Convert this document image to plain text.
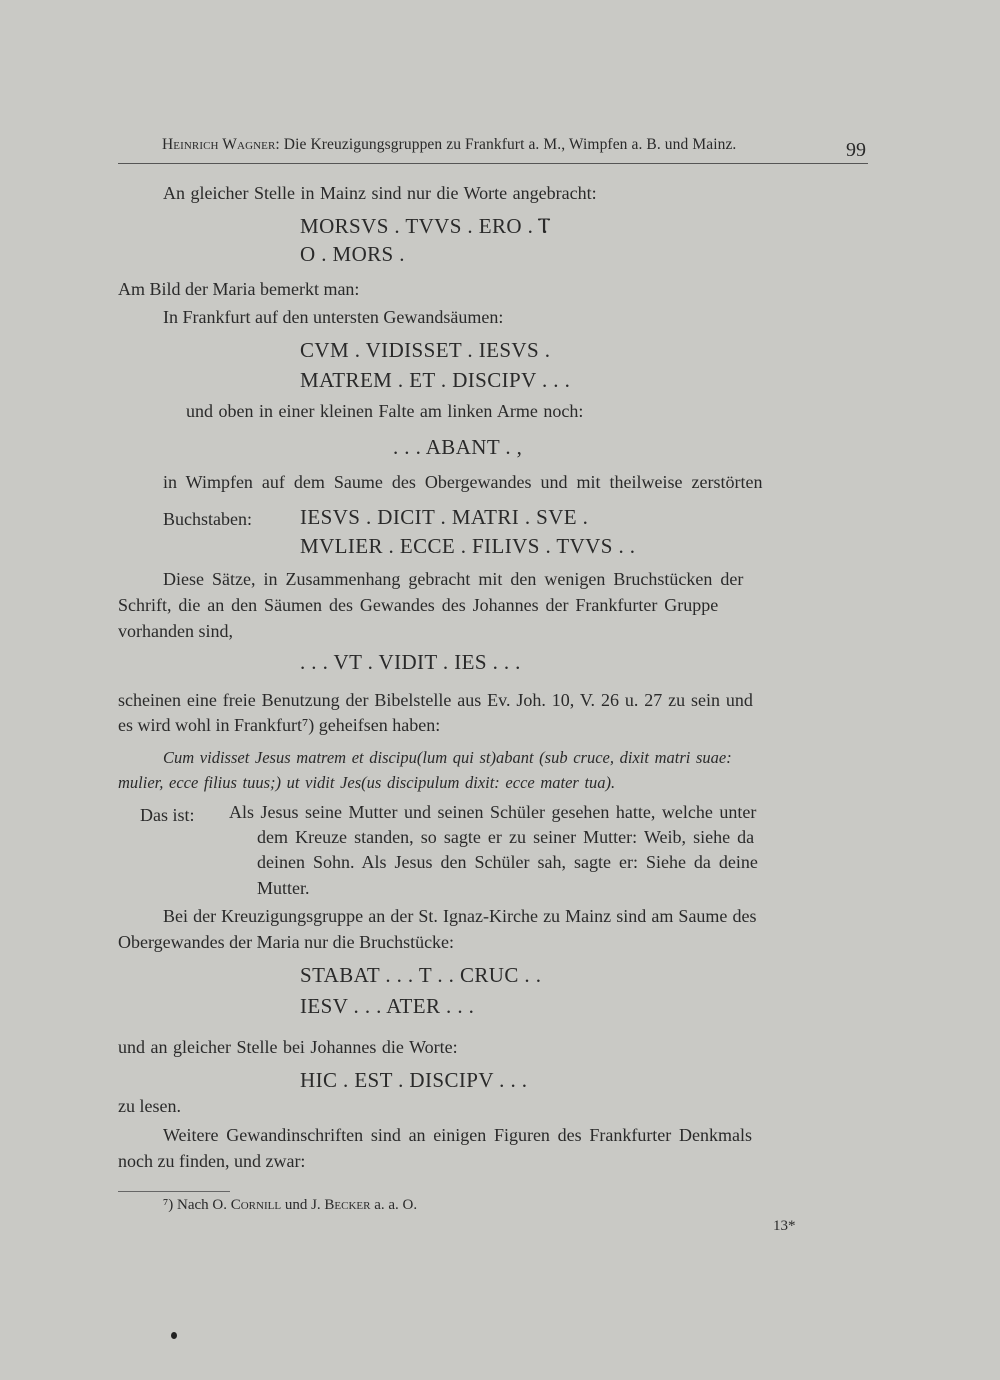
Heinrich Wagner: Die Kreuzigungsgruppen zu Frankfurt a. M., Wimpfen a. B. und Mainz.	99
An gleicher Stelle in Mainz sind nur die Worte angebracht:
MORSVS . TVVS . ERO . Ⲧ
O . MORS .
Am Bild der Maria bemerkt man:
In Frankfurt auf den untersten Gewandsäumen:
CVM . VIDISSET . IESVS .
MATREM . ET . DISCIPV . . .
und oben in einer kleinen Falte am linken Arme noch:
. . . ABANT . ,
in Wimpfen auf dem Saume des Obergewandes und mit theilweise zerstörten
Buchstaben: IESVS . DICIT . MATRI . SVE .
MVLIER . ECCE . FILIVS . TVVS . .
Diese Sätze, in Zusammenhang gebracht mit den wenigen Bruchstücken der
Schrift, die an den Säumen des Gewandes des Johannes der Frankfurter Gruppe
vorhanden sind,
. . . VT . VIDIT . IES . . .
scheinen eine freie Benutzung der Bibelstelle aus Ev. Joh. 10, V. 26 u. 27 zu sein und
es wird wohl in Frankfurt⁷) geheifsen haben:
Cum vidisset Jesus matrem et discipu(lum qui st)abant (sub cruce, dixit matri suae:
mulier, ecce filius tuus;) ut vidit Jes(us discipulum dixit: ecce mater tua).
Das ist: Als Jesus seine Mutter und seinen Schüler gesehen hatte, welche unter
dem Kreuze standen, so sagte er zu seiner Mutter: Weib, siehe da
deinen Sohn. Als Jesus den Schüler sah, sagte er: Siehe da deine
Mutter.
Bei der Kreuzigungsgruppe an der St. Ignaz-Kirche zu Mainz sind am Saume des
Obergewandes der Maria nur die Bruchstücke:
STABAT . . . T . . CRUC . .
IESV . . . ATER . . .
und an gleicher Stelle bei Johannes die Worte:
HIC . EST . DISCIPV . . .
zu lesen.
Weitere Gewandinschriften sind an einigen Figuren des Frankfurter Denkmals
noch zu finden, und zwar:
⁷) Nach O. Cornill und J. Becker a. a. O.
13*
